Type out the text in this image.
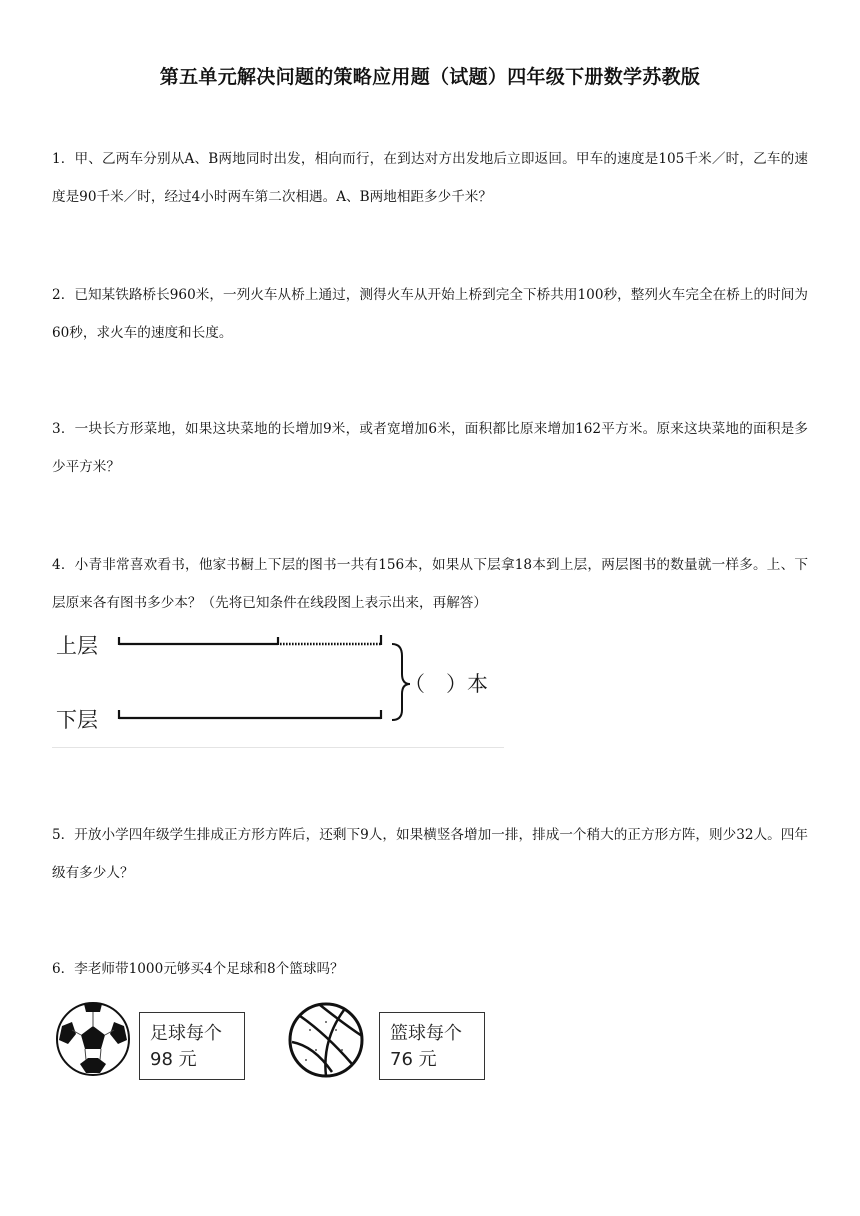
第五单元解决问题的策略应用题（试题）四年级下册数学苏教版
1．甲、乙两车分别从A、B两地同时出发，相向而行，在到达对方出发地后立即返回。甲车的速度是105千米／时，乙车的速度是90千米／时，经过4小时两车第二次相遇。A、B两地相距多少千米？
2．已知某铁路桥长960米，一列火车从桥上通过，测得火车从开始上桥到完全下桥共用100秒，整列火车完全在桥上的时间为60秒，求火车的速度和长度。
3．一块长方形菜地，如果这块菜地的长增加9米，或者宽增加6米，面积都比原来增加162平方米。原来这块菜地的面积是多少平方米？
4．小青非常喜欢看书，他家书橱上下层的图书一共有156本，如果从下层拿18本到上层，两层图书的数量就一样多。上、下层原来各有图书多少本？（先将已知条件在线段图上表示出来，再解答）
上层
下层
（　）本
5．开放小学四年级学生排成正方形方阵后，还剩下9人，如果横竖各增加一排，排成一个稍大的正方形方阵，则少32人。四年级有多少人？
6．李老师带1000元够买4个足球和8个篮球吗？
足球每个
98 元
篮球每个
76 元
